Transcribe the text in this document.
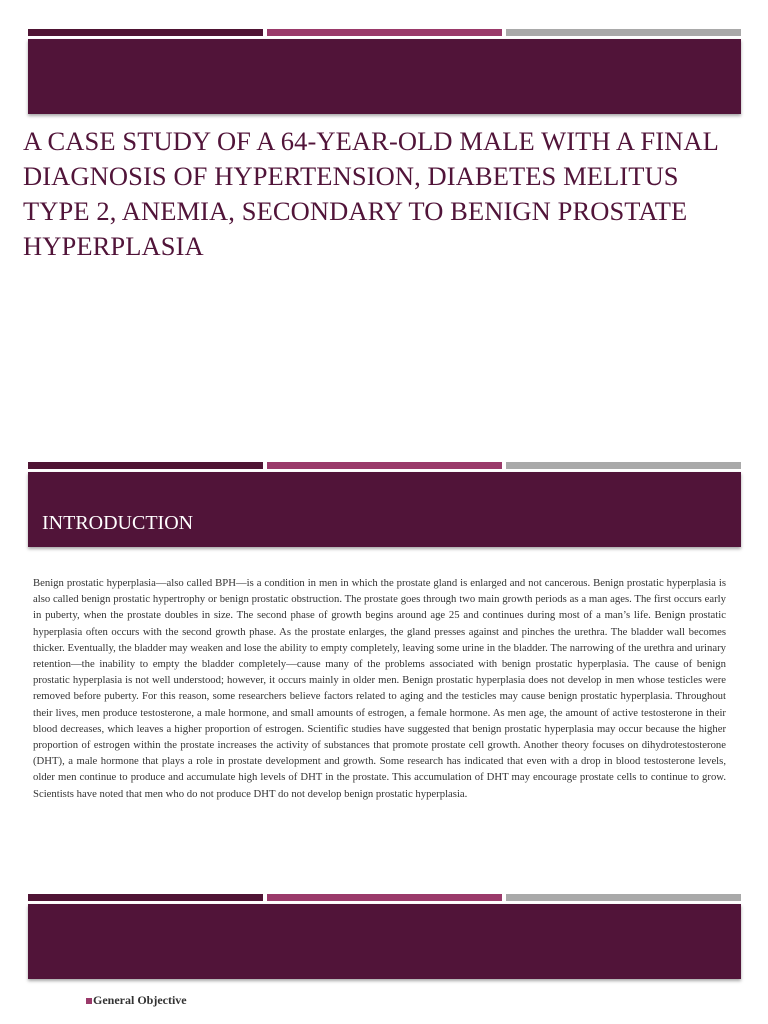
A CASE STUDY OF A 64-YEAR-OLD MALE WITH A FINAL DIAGNOSIS OF HYPERTENSION, DIABETES MELITUS TYPE 2, ANEMIA, SECONDARY TO BENIGN PROSTATE HYPERPLASIA
INTRODUCTION

Benign prostatic hyperplasia—also called BPH—is a condition in men in which the prostate gland is enlarged and not cancerous. Benign prostatic hyperplasia is also called benign prostatic hypertrophy or benign prostatic obstruction. The prostate goes through two main growth periods as a man ages. The first occurs early in puberty, when the prostate doubles in size. The second phase of growth begins around age 25 and continues during most of a man’s life. Benign prostatic hyperplasia often occurs with the second growth phase. As the prostate enlarges, the gland presses against and pinches the urethra. The bladder wall becomes thicker. Eventually, the bladder may weaken and lose the ability to empty completely, leaving some urine in the bladder. The narrowing of the urethra and urinary retention—the inability to empty the bladder completely—cause many of the problems associated with benign prostatic hyperplasia. The cause of benign prostatic hyperplasia is not well understood; however, it occurs mainly in older men. Benign prostatic hyperplasia does not develop in men whose testicles were removed before puberty. For this reason, some researchers believe factors related to aging and the testicles may cause benign prostatic hyperplasia. Throughout their lives, men produce testosterone, a male hormone, and small amounts of estrogen, a female hormone. As men age, the amount of active testosterone in their blood decreases, which leaves a higher proportion of estrogen. Scientific studies have suggested that benign prostatic hyperplasia may occur because the higher proportion of estrogen within the prostate increases the activity of substances that promote prostate cell growth. Another theory focuses on dihydrotestosterone (DHT), a male hormone that plays a role in prostate development and growth. Some research has indicated that even with a drop in blood testosterone levels, older men continue to produce and accumulate high levels of DHT in the prostate. This accumulation of DHT may encourage prostate cells to continue to grow. Scientists have noted that men who do not produce DHT do not develop benign prostatic hyperplasia.

General Objective
